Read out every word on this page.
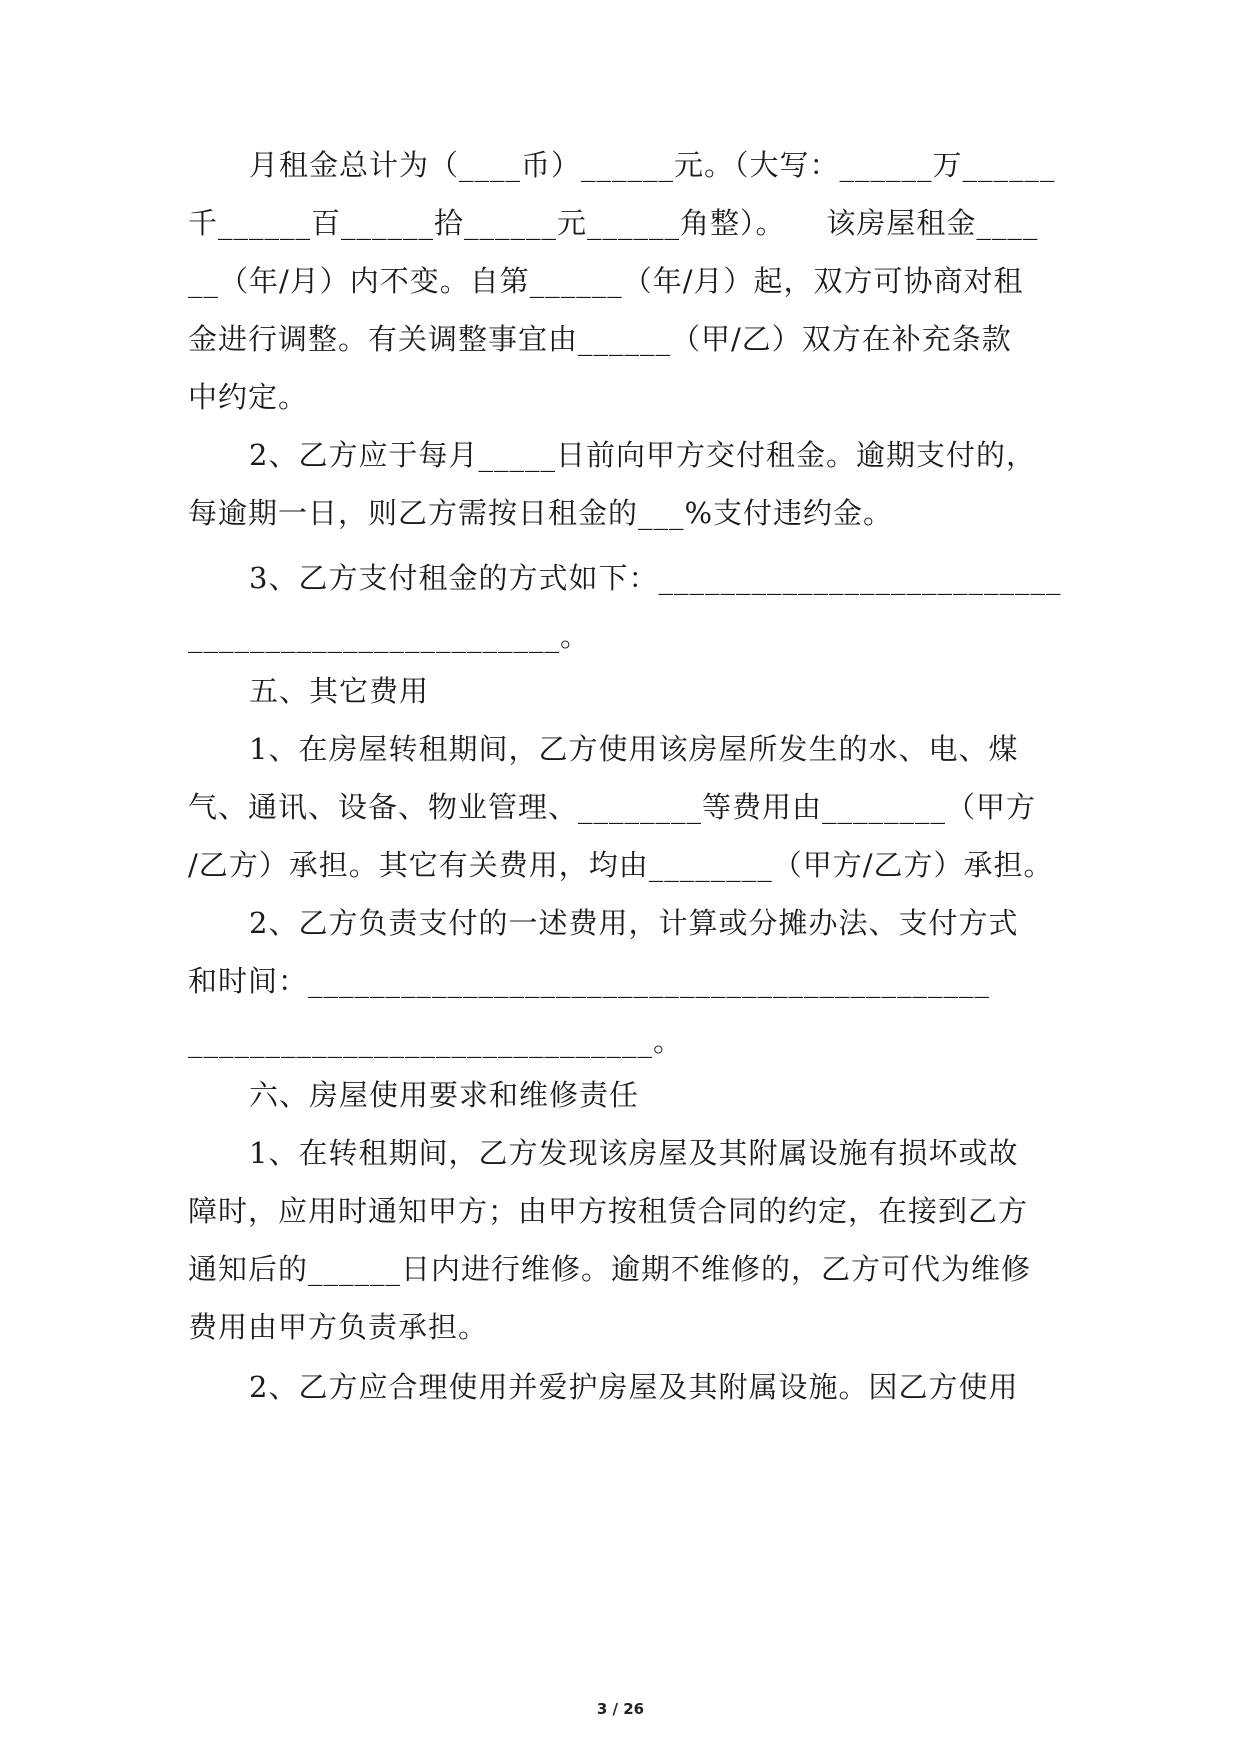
月租金总计为（____币）______元。（大写：______万______
千______百______拾______元______角整）。    该房屋租金____
__（年/月）内不变。自第______（年/月）起，双方可协商对租
金进行调整。有关调整事宜由______（甲/乙）双方在补充条款
中约定。
2、乙方应于每月_____日前向甲方交付租金。逾期支付的，
每逾期一日，则乙方需按日租金的___%支付违约金。
3、乙方支付租金的方式如下：__________________________
________________________。
五、其它费用
1、在房屋转租期间，乙方使用该房屋所发生的水、电、煤
气、通讯、设备、物业管理、________等费用由________（甲方
/乙方）承担。其它有关费用，均由________（甲方/乙方）承担。
2、乙方负责支付的一述费用，计算或分摊办法、支付方式
和时间：____________________________________________
______________________________。
六、房屋使用要求和维修责任
1、在转租期间，乙方发现该房屋及其附属设施有损坏或故
障时，应用时通知甲方；由甲方按租赁合同的约定，在接到乙方
通知后的______日内进行维修。逾期不维修的，乙方可代为维修
费用由甲方负责承担。
2、乙方应合理使用并爱护房屋及其附属设施。因乙方使用
3 / 26
